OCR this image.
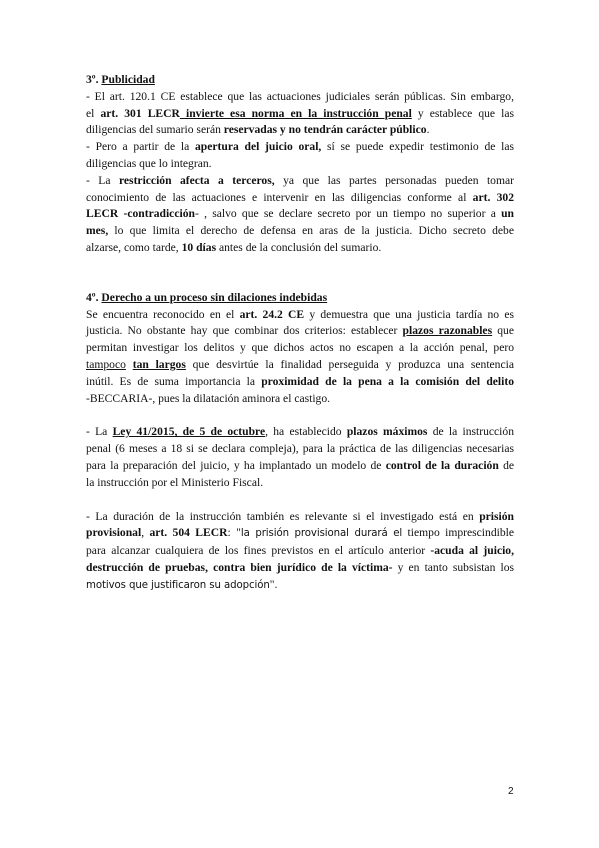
3º. Publicidad
- El art. 120.1 CE establece que las actuaciones judiciales serán públicas. Sin embargo,
el art. 301 LECR invierte esa norma en la instrucción penal y establece que las
diligencias del sumario serán reservadas y no tendrán carácter público.
- Pero a partir de la apertura del juicio oral, sí se puede expedir testimonio de las
diligencias que lo integran.
- La restricción afecta a terceros, ya que las partes personadas pueden tomar
conocimiento de las actuaciones e intervenir en las diligencias conforme al art. 302
LECR -contradicción- , salvo que se declare secreto por un tiempo no superior a un
mes, lo que limita el derecho de defensa en aras de la justicia. Dicho secreto debe
alzarse, como tarde, 10 días antes de la conclusión del sumario.
4º. Derecho a un proceso sin dilaciones indebidas
Se encuentra reconocido en el art. 24.2 CE y demuestra que una justicia tardía no es
justicia. No obstante hay que combinar dos criterios: establecer plazos razonables que
permitan investigar los delitos y que dichos actos no escapen a la acción penal, pero
tampoco tan largos que desvirtúe la finalidad perseguida y produzca una sentencia
inútil. Es de suma importancia la proximidad de la pena a la comisión del delito
-BECCARIA-, pues la dilatación aminora el castigo.
- La Ley 41/2015, de 5 de octubre, ha establecido plazos máximos de la instrucción
penal (6 meses a 18 si se declara compleja), para la práctica de las diligencias necesarias
para la preparación del juicio, y ha implantado un modelo de control de la duración de
la instrucción por el Ministerio Fiscal.
- La duración de la instrucción también es relevante si el investigado está en prisión
provisional, art. 504 LECR: "la prisión provisional durará el tiempo imprescindible
para alcanzar cualquiera de los fines previstos en el artículo anterior -acuda al juicio,
destrucción de pruebas, contra bien jurídico de la víctima- y en tanto subsistan los
motivos que justificaron su adopción".
2
